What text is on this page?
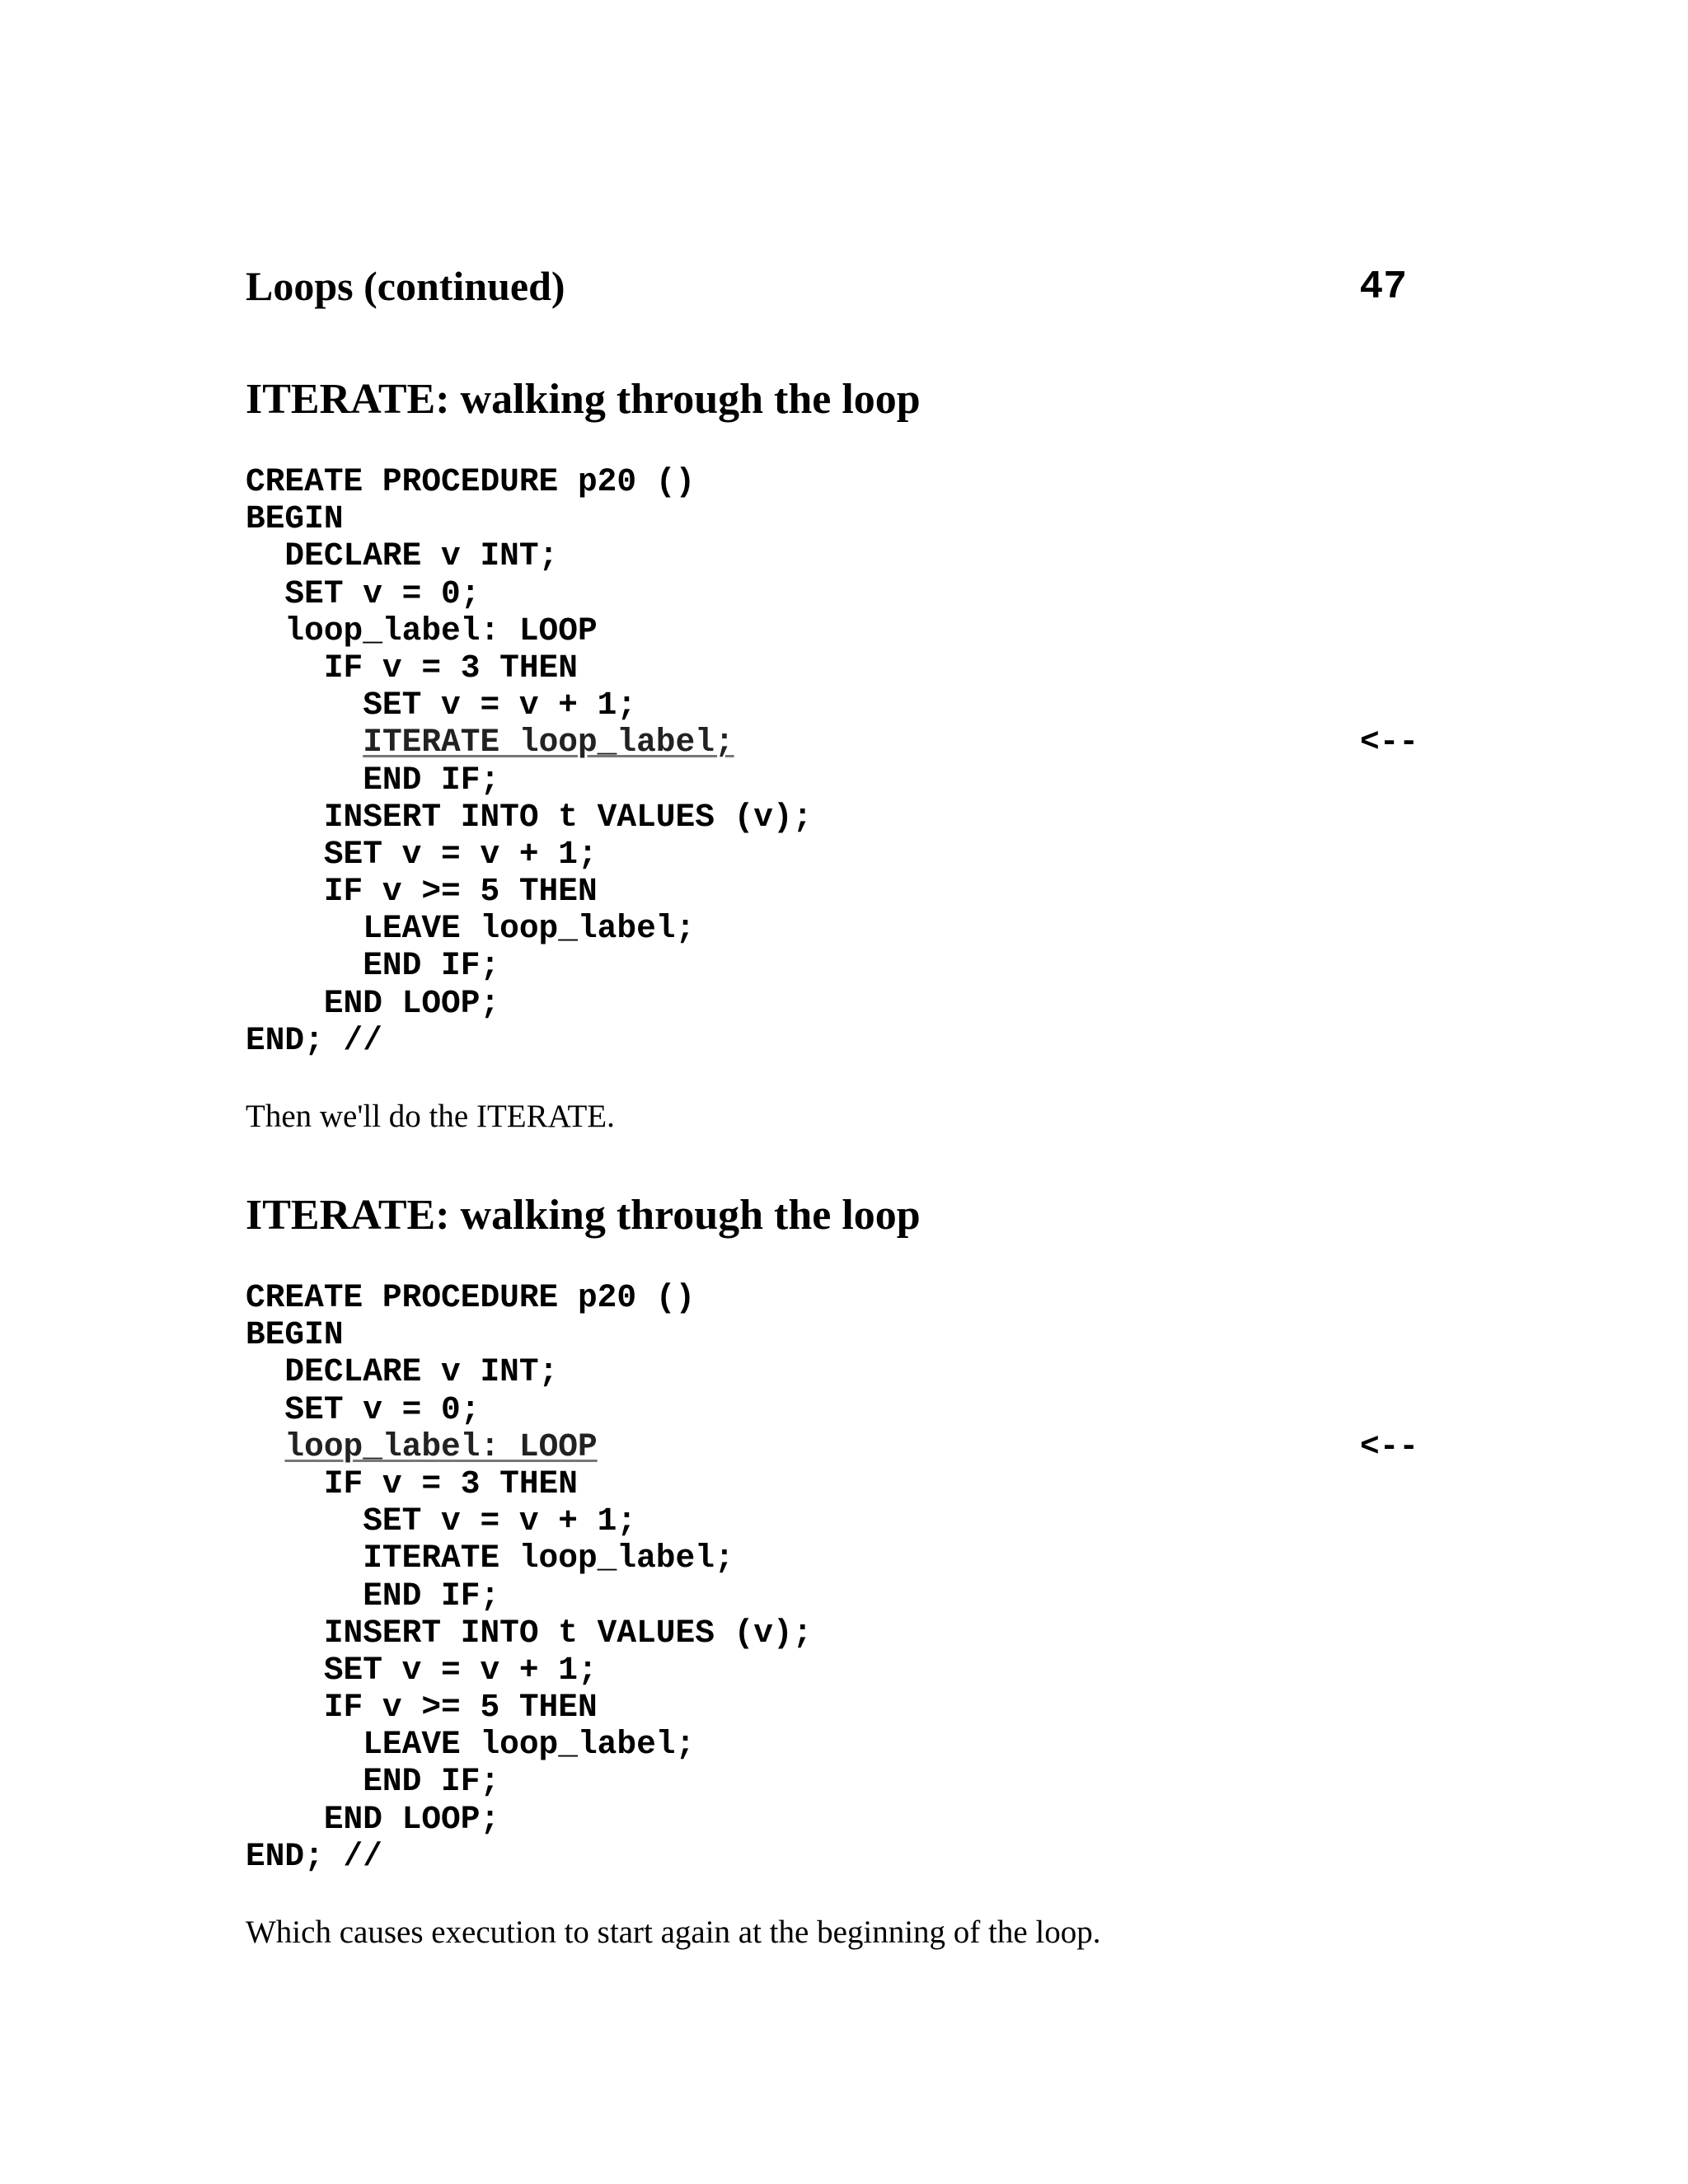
Loops (continued)	47
ITERATE: walking through the loop
CREATE PROCEDURE p20 ()
BEGIN
DECLARE v INT;
SET v = 0;
loop_label: LOOP
IF v = 3 THEN
SET v = v + 1;
ITERATE loop_label;	<--
END IF;
INSERT INTO t VALUES (v);
SET v = v + 1;
IF v >= 5 THEN
LEAVE loop_label;
END IF;
END LOOP;
END; //

Then we'll do the ITERATE.

ITERATE: walking through the loop
CREATE PROCEDURE p20 ()
BEGIN
DECLARE v INT;
SET v = 0;
loop_label: LOOP	<--
IF v = 3 THEN
SET v = v + 1;
ITERATE loop_label;
END IF;
INSERT INTO t VALUES (v);
SET v = v + 1;
IF v >= 5 THEN
LEAVE loop_label;
END IF;
END LOOP;
END; //

Which causes execution to start again at the beginning of the loop.
